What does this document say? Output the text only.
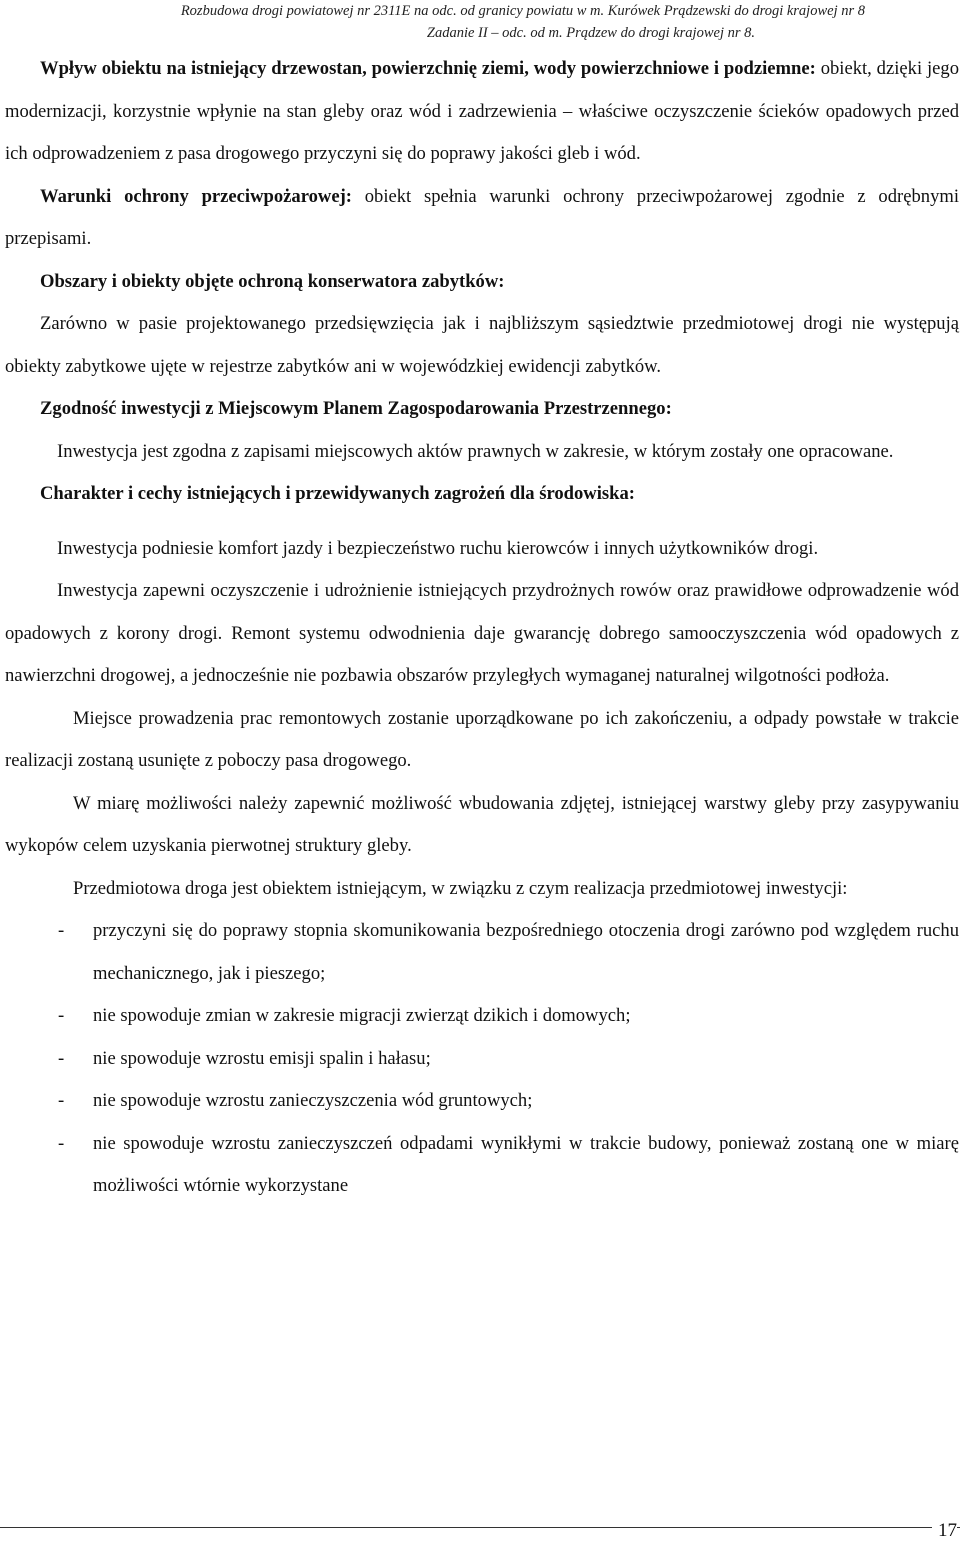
Rozbudowa drogi powiatowej nr 2311E na odc. od granicy powiatu w m. Kurówek Prądzewski do drogi krajowej nr 8
Zadanie II – odc. od m. Prądzew do drogi krajowej nr 8.

Wpływ obiektu na istniejący drzewostan, powierzchnię ziemi, wody powierzchniowe i podziemne: obiekt, dzięki jego modernizacji, korzystnie wpłynie na stan gleby oraz wód i zadrzewienia – właściwe oczyszczenie ścieków opadowych przed ich odprowadzeniem z pasa drogowego przyczyni się do poprawy jakości gleb i wód.

Warunki ochrony przeciwpożarowej: obiekt spełnia warunki ochrony przeciwpożarowej zgodnie z odrębnymi przepisami.

Obszary i obiekty objęte ochroną konserwatora zabytków:

Zarówno w pasie projektowanego przedsięwzięcia jak i najbliższym sąsiedztwie przedmiotowej drogi nie występują obiekty zabytkowe ujęte w rejestrze zabytków ani w wojewódzkiej ewidencji zabytków.

Zgodność inwestycji z Miejscowym Planem Zagospodarowania Przestrzennego:

Inwestycja jest zgodna z zapisami miejscowych aktów prawnych w zakresie, w którym zostały one opracowane.

Charakter i cechy istniejących i przewidywanych zagrożeń dla środowiska:

Inwestycja podniesie komfort jazdy i bezpieczeństwo ruchu kierowców i innych użytkowników drogi.

Inwestycja zapewni oczyszczenie i udrożnienie istniejących przydrożnych rowów oraz prawidłowe odprowadzenie wód opadowych z korony drogi. Remont systemu odwodnienia daje gwarancję dobrego samooczyszczenia wód opadowych z nawierzchni drogowej, a jednocześnie nie pozbawia obszarów przyległych wymaganej naturalnej wilgotności podłoża.

Miejsce prowadzenia prac remontowych zostanie uporządkowane po ich zakończeniu, a odpady powstałe w trakcie realizacji zostaną usunięte z poboczy pasa drogowego.

W miarę możliwości należy zapewnić możliwość wbudowania zdjętej, istniejącej warstwy gleby przy zasypywaniu wykopów celem uzyskania pierwotnej struktury gleby.

Przedmiotowa droga jest obiektem istniejącym, w związku z czym realizacja przedmiotowej inwestycji:

- przyczyni się do poprawy stopnia skomunikowania bezpośredniego otoczenia drogi zarówno pod względem ruchu mechanicznego, jak i pieszego;
- nie spowoduje zmian w zakresie migracji zwierząt dzikich i domowych;
- nie spowoduje wzrostu emisji spalin i hałasu;
- nie spowoduje wzrostu zanieczyszczenia wód gruntowych;
- nie spowoduje wzrostu zanieczyszczeń odpadami wynikłymi w trakcie budowy, ponieważ zostaną one w miarę możliwości wtórnie wykorzystane
17
